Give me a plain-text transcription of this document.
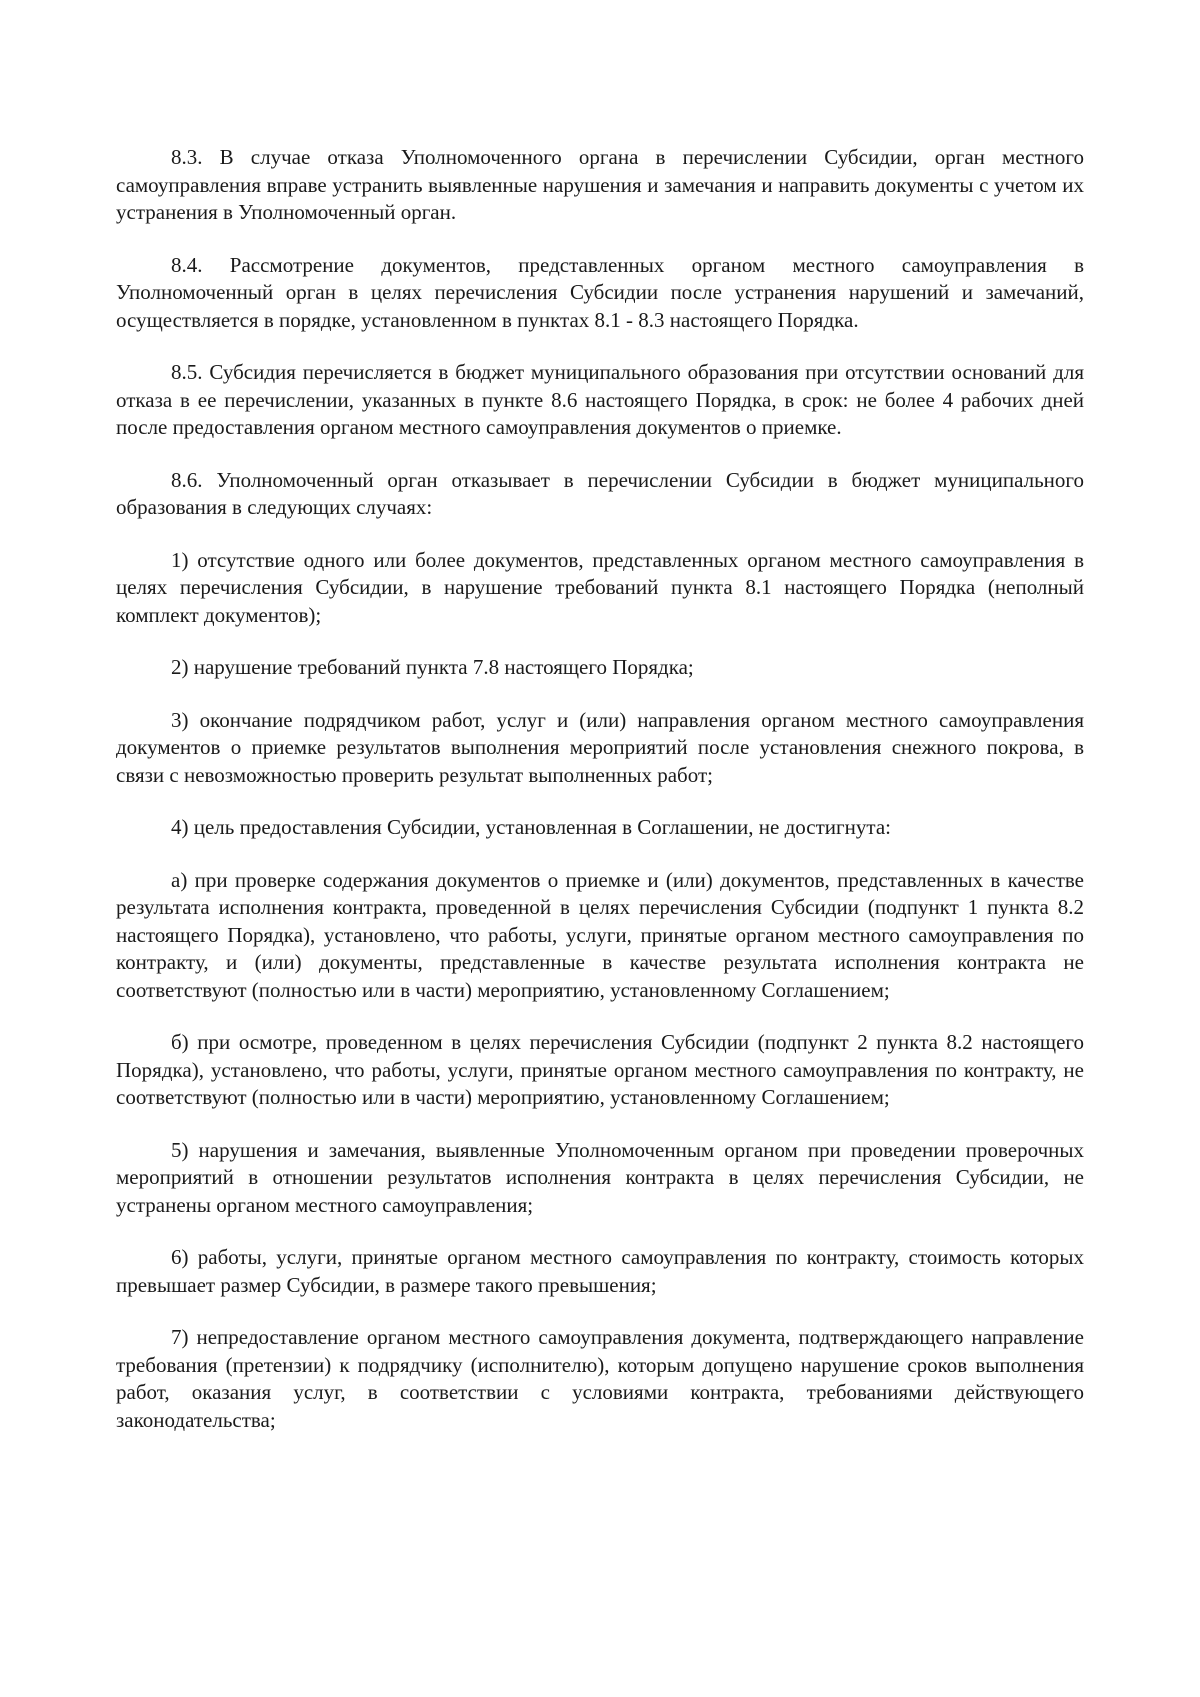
8.3. В случае отказа Уполномоченного органа в перечислении Субсидии, орган местного самоуправления вправе устранить выявленные нарушения и замечания и направить документы с учетом их устранения в Уполномоченный орган.

8.4. Рассмотрение документов, представленных органом местного самоуправления в Уполномоченный орган в целях перечисления Субсидии после устранения нарушений и замечаний, осуществляется в порядке, установленном в пунктах 8.1 - 8.3 настоящего Порядка.

8.5. Субсидия перечисляется в бюджет муниципального образования при отсутствии оснований для отказа в ее перечислении, указанных в пункте 8.6 настоящего Порядка, в срок: не более 4 рабочих дней после предоставления органом местного самоуправления документов о приемке.

8.6. Уполномоченный орган отказывает в перечислении Субсидии в бюджет муниципального образования в следующих случаях:

1) отсутствие одного или более документов, представленных органом местного самоуправления в целях перечисления Субсидии, в нарушение требований пункта 8.1 настоящего Порядка (неполный комплект документов);

2) нарушение требований пункта 7.8 настоящего Порядка;

3) окончание подрядчиком работ, услуг и (или) направления органом местного самоуправления документов о приемке результатов выполнения мероприятий после установления снежного покрова, в связи с невозможностью проверить результат выполненных работ;

4) цель предоставления Субсидии, установленная в Соглашении, не достигнута:

а) при проверке содержания документов о приемке и (или) документов, представленных в качестве результата исполнения контракта, проведенной в целях перечисления Субсидии (подпункт 1 пункта 8.2 настоящего Порядка), установлено, что работы, услуги, принятые органом местного самоуправления по контракту, и (или) документы, представленные в качестве результата исполнения контракта не соответствуют (полностью или в части) мероприятию, установленному Соглашением;

б) при осмотре, проведенном в целях перечисления Субсидии (подпункт 2 пункта 8.2 настоящего Порядка), установлено, что работы, услуги, принятые органом местного самоуправления по контракту, не соответствуют (полностью или в части) мероприятию, установленному Соглашением;

5) нарушения и замечания, выявленные Уполномоченным органом при проведении проверочных мероприятий в отношении результатов исполнения контракта в целях перечисления Субсидии, не устранены органом местного самоуправления;

6) работы, услуги, принятые органом местного самоуправления по контракту, стоимость которых превышает размер Субсидии, в размере такого превышения;

7) непредоставление органом местного самоуправления документа, подтверждающего направление требования (претензии) к подрядчику (исполнителю), которым допущено нарушение сроков выполнения работ, оказания услуг, в соответствии с условиями контракта, требованиями действующего законодательства;
